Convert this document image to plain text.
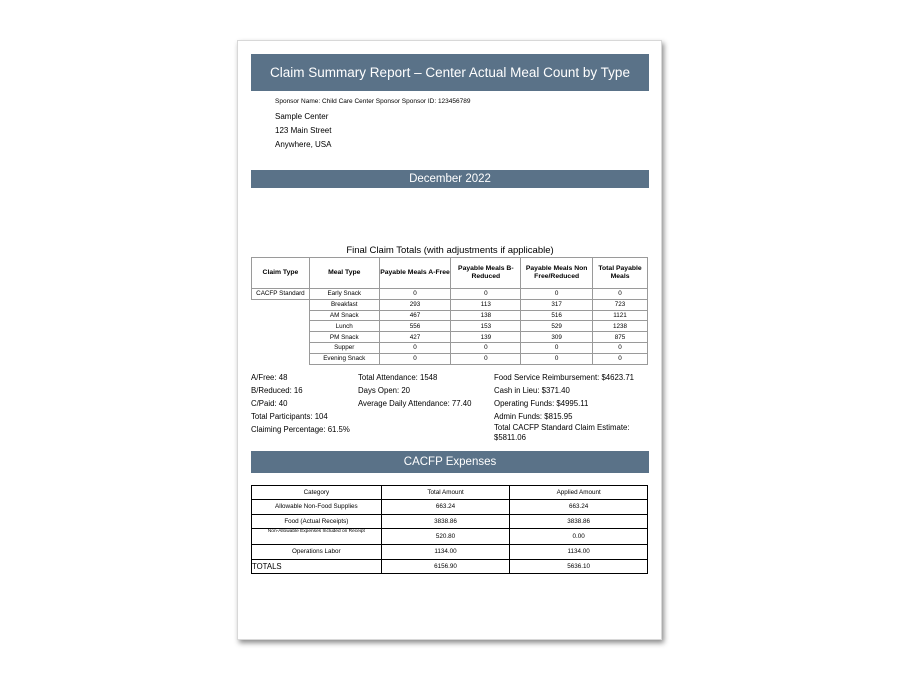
Claim Summary Report – Center Actual Meal Count by Type
Sponsor Name: Child Care Center Sponsor Sponsor ID: 123456789
Sample Center
123 Main Street
Anywhere, USA
December 2022
Final Claim Totals (with adjustments if applicable)
Claim Type	Meal Type	Payable Meals A-Free	Payable Meals B-Reduced	Payable Meals Non Free/Reduced	Total Payable Meals
CACFP Standard	Early Snack	0	0	0	0
	Breakfast	293	113	317	723
	AM Snack	467	138	516	1121
	Lunch	556	153	529	1238
	PM Snack	427	139	309	875
	Supper	0	0	0	0
	Evening Snack	0	0	0	0
A/Free: 48
B/Reduced: 16
C/Paid: 40
Total Participants: 104
Claiming Percentage: 61.5%
Total Attendance: 1548
Days Open: 20
Average Daily Attendance: 77.40
Food Service Reimbursement: $4623.71
Cash in Lieu: $371.40
Operating Funds: $4995.11
Admin Funds: $815.95
Total CACFP Standard Claim Estimate:
$5811.06
CACFP Expenses
Category	Total Amount	Applied Amount
Allowable Non-Food Supplies	663.24	663.24
Food (Actual Receipts)	3838.86	3838.86
Non-Allowable Expenses Included on Receipt	520.80	0.00
Operations Labor	1134.00	1134.00
TOTALS	6156.90	5636.10
